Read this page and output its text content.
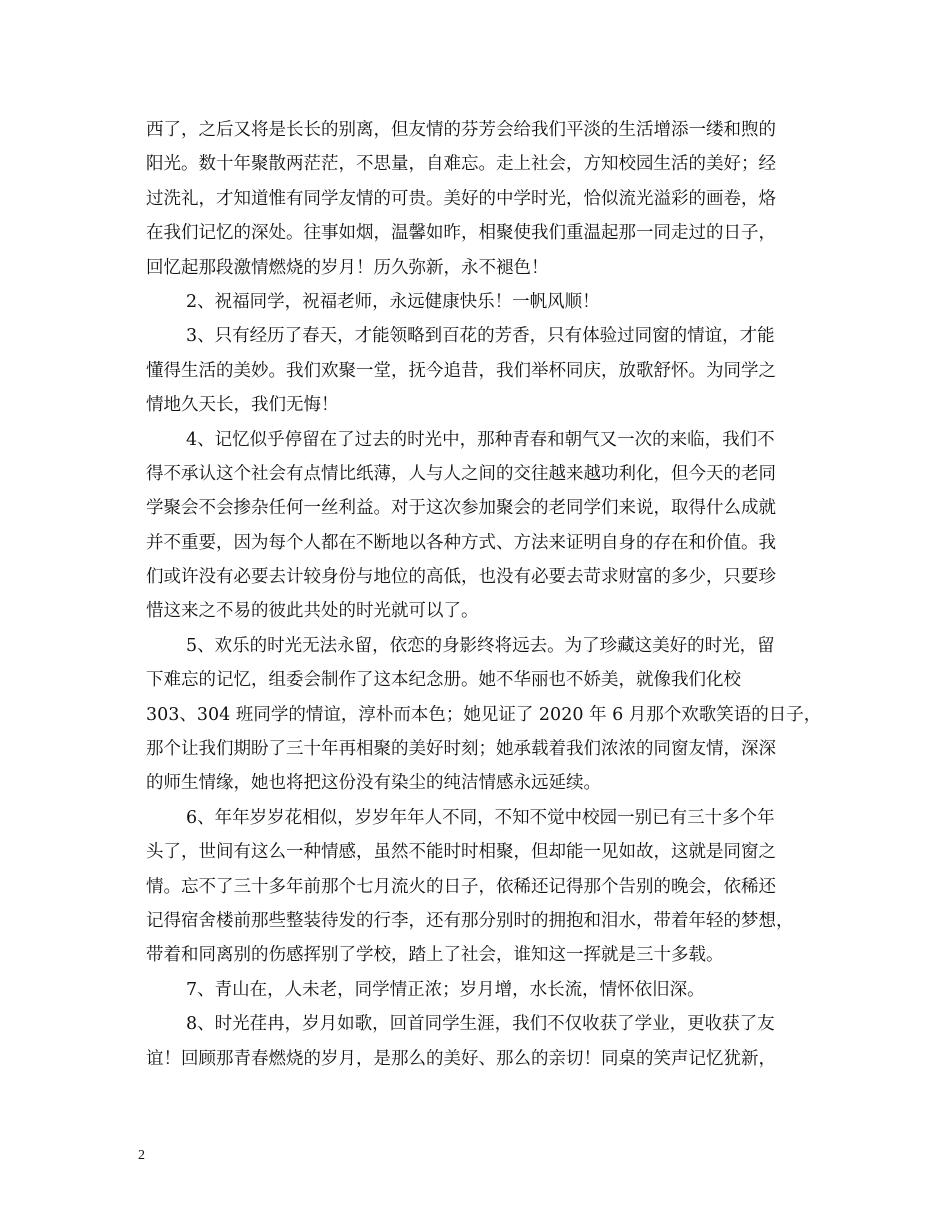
西了，之后又将是长长的别离，但友情的芬芳会给我们平淡的生活增添一缕和煦的
阳光。数十年聚散两茫茫，不思量，自难忘。走上社会，方知校园生活的美好；经
过洗礼，才知道惟有同学友情的可贵。美好的中学时光，恰似流光溢彩的画卷，烙
在我们记忆的深处。往事如烟，温馨如昨，相聚使我们重温起那一同走过的日子，
回忆起那段激情燃烧的岁月！历久弥新，永不褪色！
2、祝福同学，祝福老师，永远健康快乐！一帆风顺！
3、只有经历了春天，才能领略到百花的芳香，只有体验过同窗的情谊，才能
懂得生活的美妙。我们欢聚一堂，抚今追昔，我们举杯同庆，放歌舒怀。为同学之
情地久天长，我们无悔！
4、记忆似乎停留在了过去的时光中，那种青春和朝气又一次的来临，我们不
得不承认这个社会有点情比纸薄，人与人之间的交往越来越功利化，但今天的老同
学聚会不会掺杂任何一丝利益。对于这次参加聚会的老同学们来说，取得什么成就
并不重要，因为每个人都在不断地以各种方式、方法来证明自身的存在和价值。我
们或许没有必要去计较身份与地位的高低，也没有必要去苛求财富的多少，只要珍
惜这来之不易的彼此共处的时光就可以了。
5、欢乐的时光无法永留，依恋的身影终将远去。为了珍藏这美好的时光，留
下难忘的记忆，组委会制作了这本纪念册。她不华丽也不娇美，就像我们化校
303、304 班同学的情谊，淳朴而本色；她见证了 2020 年 6 月那个欢歌笑语的日子，
那个让我们期盼了三十年再相聚的美好时刻；她承载着我们浓浓的同窗友情，深深
的师生情缘，她也将把这份没有染尘的纯洁情感永远延续。
6、年年岁岁花相似，岁岁年年人不同，不知不觉中校园一别已有三十多个年
头了，世间有这么一种情感，虽然不能时时相聚，但却能一见如故，这就是同窗之
情。忘不了三十多年前那个七月流火的日子，依稀还记得那个告别的晚会，依稀还
记得宿舍楼前那些整装待发的行李，还有那分别时的拥抱和泪水，带着年轻的梦想，
带着和同离别的伤感挥别了学校，踏上了社会，谁知这一挥就是三十多载。
7、青山在，人未老，同学情正浓；岁月增，水长流，情怀依旧深。
8、时光荏冉，岁月如歌，回首同学生涯，我们不仅收获了学业，更收获了友
谊！回顾那青春燃烧的岁月，是那么的美好、那么的亲切！同桌的笑声记忆犹新，
2
